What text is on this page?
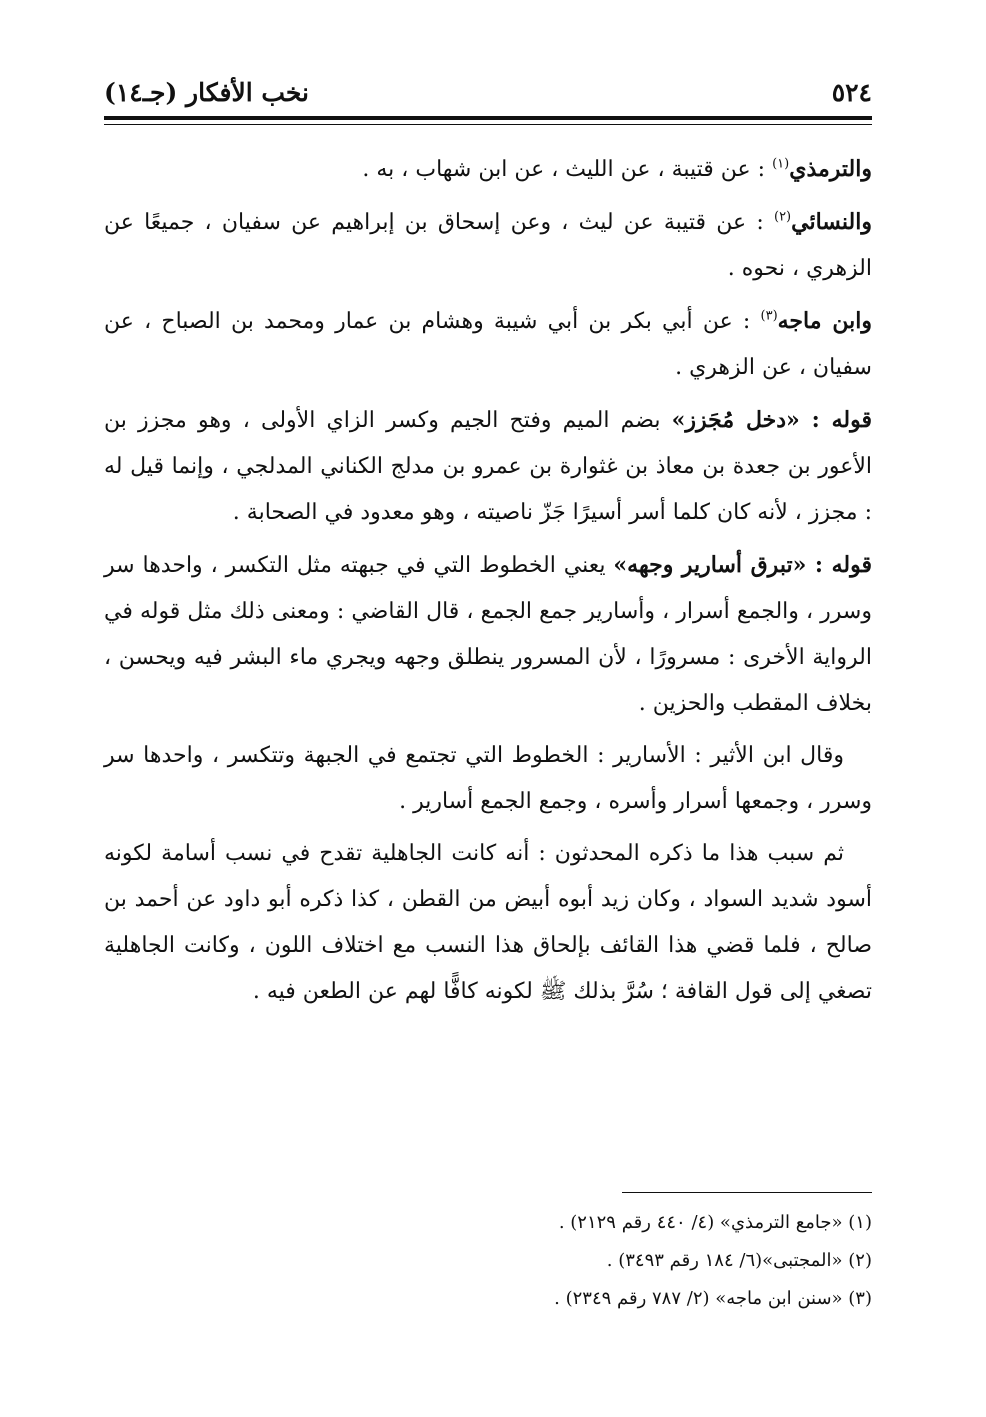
٥٢٤
نخب الأفكار (جـ١٤)

والترمذي$^{(١)}$ : عن قتيبة ، عن الليث ، عن ابن شهاب ، به .

والنسائي$^{(٢)}$ : عن قتيبة عن ليث ، وعن إسحاق بن إبراهيم عن سفيان ، جميعًا عن الزهري ، نحوه .

وابن ماجه$^{(٣)}$ : عن أبي بكر بن أبي شيبة وهشام بن عمار ومحمد بن الصباح ، عن سفيان ، عن الزهري .

قوله : «دخل مُجَزز» بضم الميم وفتح الجيم وكسر الزاي الأولى ، وهو مجزز بن الأعور بن جعدة بن معاذ بن غثوارة بن عمرو بن مدلج الكناني المدلجي ، وإنما قيل له : مجزز ، لأنه كان كلما أسر أسيرًا جَزّ ناصيته ، وهو معدود في الصحابة .

قوله : «تبرق أسارير وجهه» يعني الخطوط التي في جبهته مثل التكسر ، واحدها سر وسرر ، والجمع أسرار ، وأسارير جمع الجمع ، قال القاضي : ومعنى ذلك مثل قوله في الرواية الأخرى : مسرورًا ، لأن المسرور ينطلق وجهه ويجري ماء البشر فيه ويحسن ، بخلاف المقطب والحزين .

وقال ابن الأثير : الأسارير : الخطوط التي تجتمع في الجبهة وتتكسر ، واحدها سر وسرر ، وجمعها أسرار وأسره ، وجمع الجمع أسارير .

ثم سبب هذا ما ذكره المحدثون : أنه كانت الجاهلية تقدح في نسب أسامة لكونه أسود شديد السواد ، وكان زيد أبوه أبيض من القطن ، كذا ذكره أبو داود عن أحمد بن صالح ، فلما قضي هذا القائف بإلحاق هذا النسب مع اختلاف اللون ، وكانت الجاهلية تصغي إلى قول القافة ؛ سُرَّ بذلك ﷺ لكونه كافًّا لهم عن الطعن فيه .

(١) «جامع الترمذي» (٤/ ٤٤٠ رقم ٢١٢٩) .

(٢) «المجتبى»(٦/ ١٨٤ رقم ٣٤٩٣) .

(٣) «سنن ابن ماجه» (٢/ ٧٨٧ رقم ٢٣٤٩) .
